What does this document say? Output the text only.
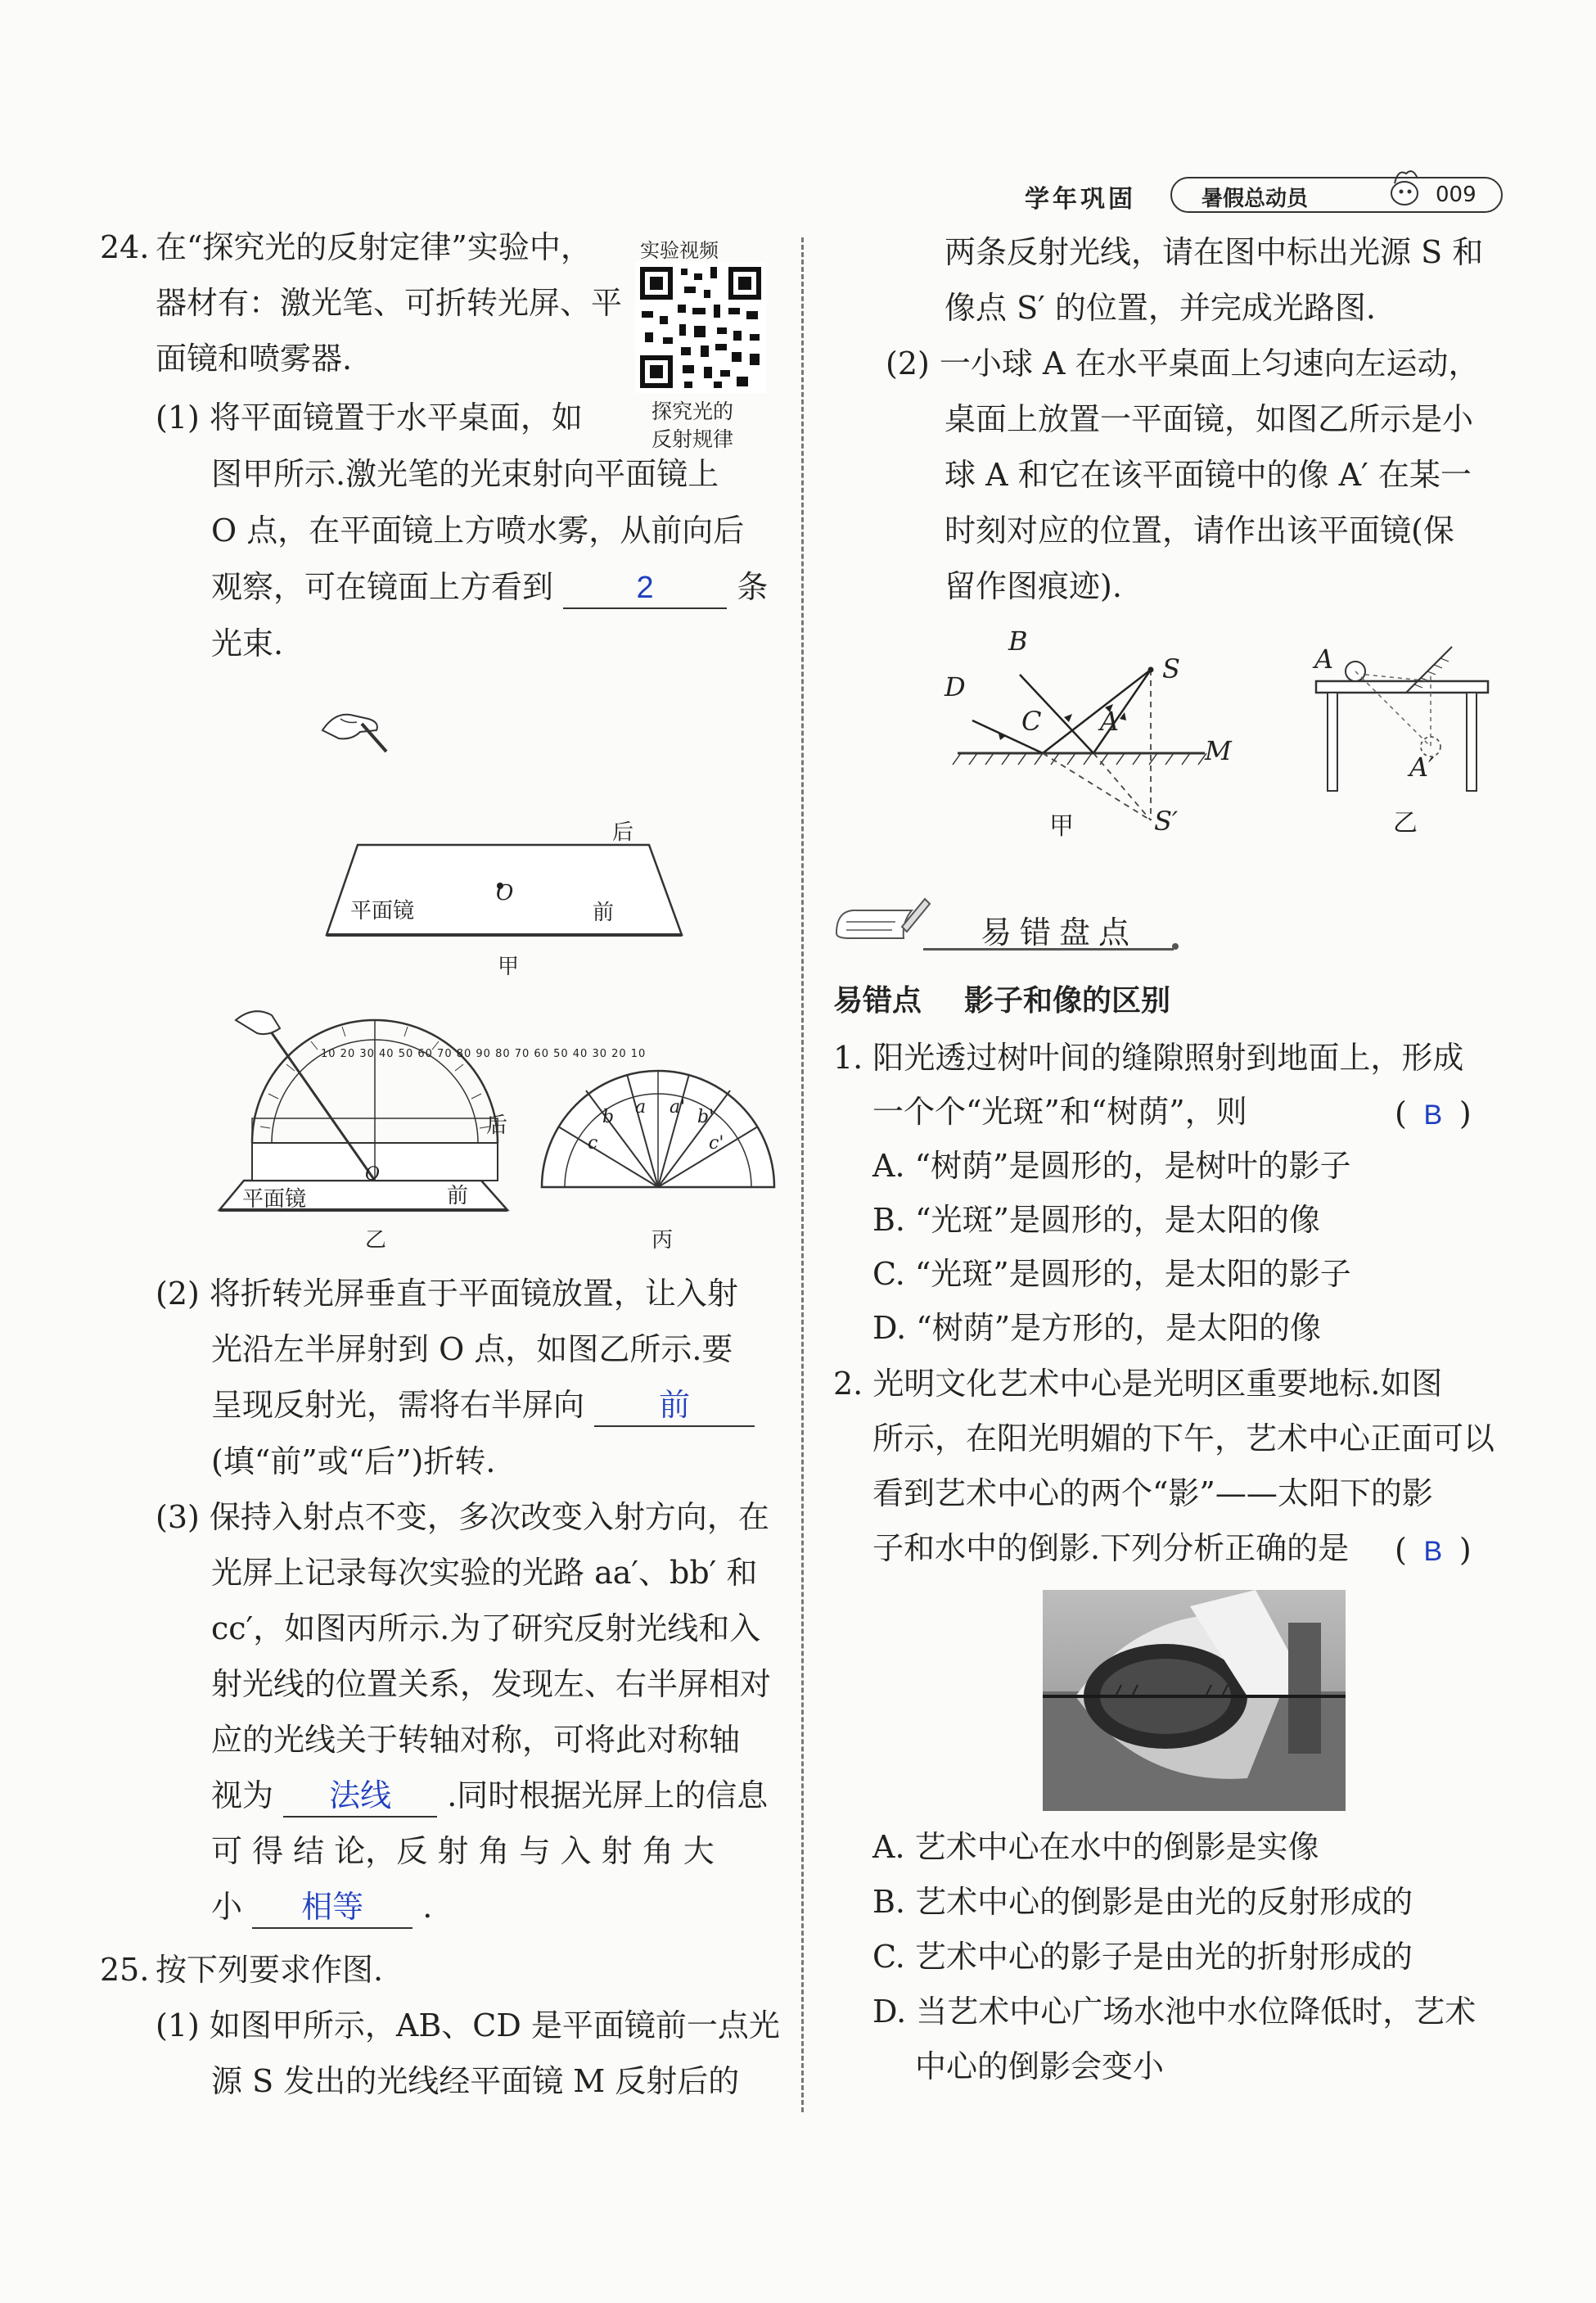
学年巩固	暑假总动员	009
24. 在“探究光的反射定律”实验中，
器材有：激光笔、可折转光屏、平
面镜和喷雾器.
实验视频
探究光的
反射规律
(1) 将平面镜置于水平桌面，如
图甲所示.激光笔的光束射向平面镜上
O 点，在平面镜上方喷水雾，从前向后
观察，可在镜面上方看到	2	条
光束.
后
平面镜
O
前
甲
10 20 30 40 50 60 70 80 90 80 70 60 50 40 30 20 10
平面镜
后
前
O
乙
c
b a a' b'
c'
丙
(2) 将折转光屏垂直于平面镜放置，让入射
光沿左半屏射到 O 点，如图乙所示.要
呈现反射光，需将右半屏向 前
(填“前”或“后”)折转.
(3) 保持入射点不变，多次改变入射方向，在
光屏上记录每次实验的光路 aa′、bb′ 和
cc′，如图丙所示.为了研究反射光线和入
射光线的位置关系，发现左、右半屏相对
应的光线关于转轴对称，可将此对称轴
视为 法线 .同时根据光屏上的信息
可 得 结 论，反 射 角 与 入 射 角 大
小 相等 .
25. 按下列要求作图.
(1) 如图甲所示，AB、CD 是平面镜前一点光
源 S 发出的光线经平面镜 M 反射后的
两条反射光线，请在图中标出光源 S 和
像点 S′ 的位置，并完成光路图.
(2) 一小球 A 在水平桌面上匀速向左运动，
桌面上放置一平面镜，如图乙所示是小
球 A 和它在该平面镜中的像 A′ 在某一
时刻对应的位置，请作出该平面镜(保
留作图痕迹).
B
S
D
C A
M
S′
甲
A
A′
乙
易错盘点
易错点 影子和像的区别
1. 阳光透过树叶间的缝隙照射到地面上，形成
一个个“光斑”和“树荫”，则	( B )
A. “树荫”是圆形的，是树叶的影子
B. “光斑”是圆形的，是太阳的像
C. “光斑”是圆形的，是太阳的影子
D. “树荫”是方形的，是太阳的像
2. 光明文化艺术中心是光明区重要地标.如图
所示，在阳光明媚的下午，艺术中心正面可以
看到艺术中心的两个“影”——太阳下的影
子和水中的倒影.下列分析正确的是 ( B )
A. 艺术中心在水中的倒影是实像
B. 艺术中心的倒影是由光的反射形成的
C. 艺术中心的影子是由光的折射形成的
D. 当艺术中心广场水池中水位降低时，艺术
中心的倒影会变小
